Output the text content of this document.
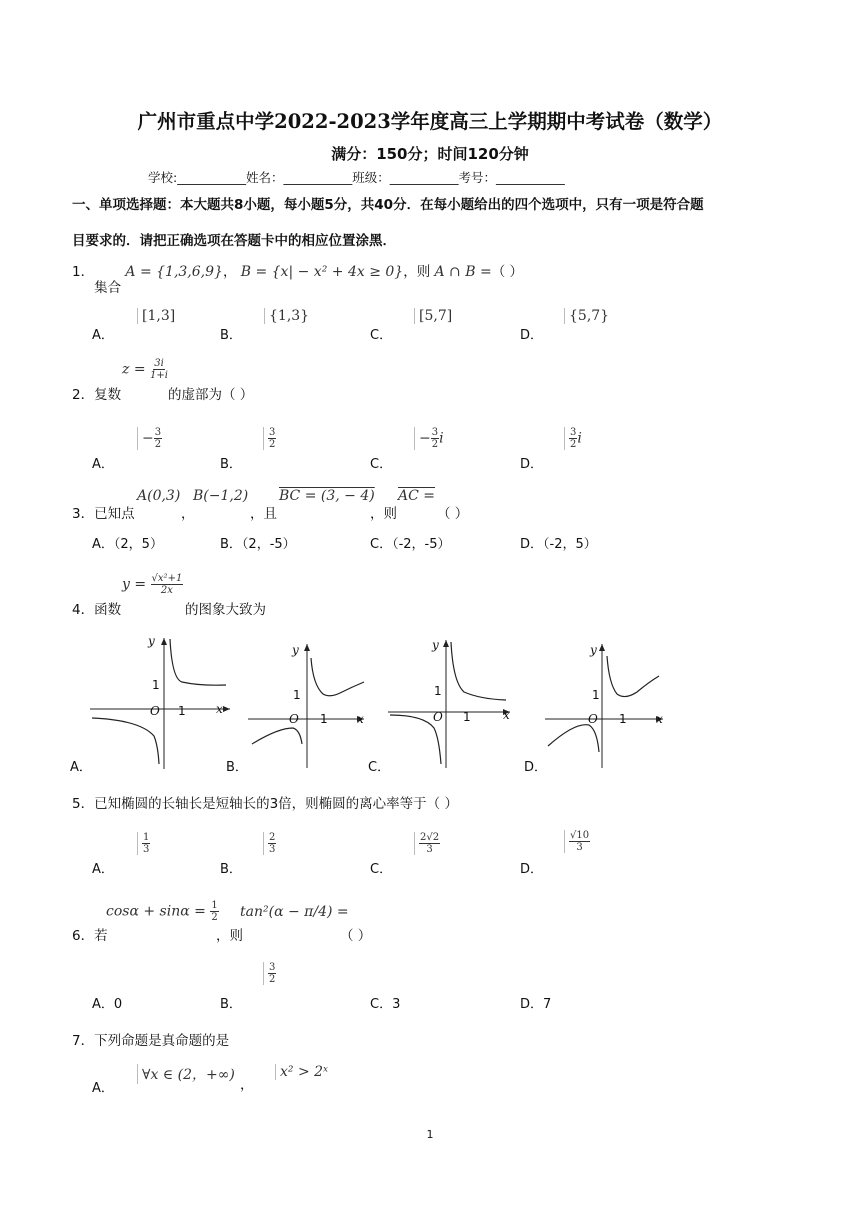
广州市重点中学2022-2023学年度高三上学期期中考试卷（数学）
满分：150分；时间120分钟
学校:___________姓名：___________班级：___________考号：___________
一、单项选择题：本大题共8小题，每小题5分，共40分．在每小题给出的四个选项中，只有一项是符合题
目要求的．请把正确选项在答题卡中的相应位置涂黑．
1．集合 A = {1,3,6,9}， B = {x| − x² + 4x ≥ 0}，则 A ∩ B =（ ）
A．
[1,3]
B．
{1,3}
C．
[5,7]
D．
{5,7}
2．复数
$z = \frac{3i}{1+i}$
的虚部为（ ）
A．
− $\frac{3}{2}$
B．
$\frac{3}{2}$
C．
− $\frac{3}{2}$ i
D．
$\frac{3}{2}$ i
3．已知点
A(0,3)
，
B(−1,2)
，且
BC = (3, − 4)
，则
AC =
（ ）
A．（2，5）	B．（2，-5）	C．（-2，-5）	D．（-2，5）
4．函数
$y = \frac{\text{√x²+1}}{2x}$
的图象大致为
y
x
O
1
1
A．
y
x
O
1
1
B．
y
x
O
1
1
C．
y
x
O
1
1
D．
5．已知椭圆的长轴长是短轴长的3倍，则椭圆的离心率等于（ ）
A．
$\frac{1}{3}$
B．
$\frac{2}{3}$
C．
$\frac{2√2}{3}$
D．
$\frac{√10}{3}$
6．若
$\cos\alpha + \sin\alpha = \frac{1}{2}$
，则
tan²(α − π/4) =
（ ）
A．0	B．
$\frac{3}{2}$
C．3	D．7
7．下列命题是真命题的是
A．
∀x ∈ (2，+∞)
，
x² > 2ˣ
1
